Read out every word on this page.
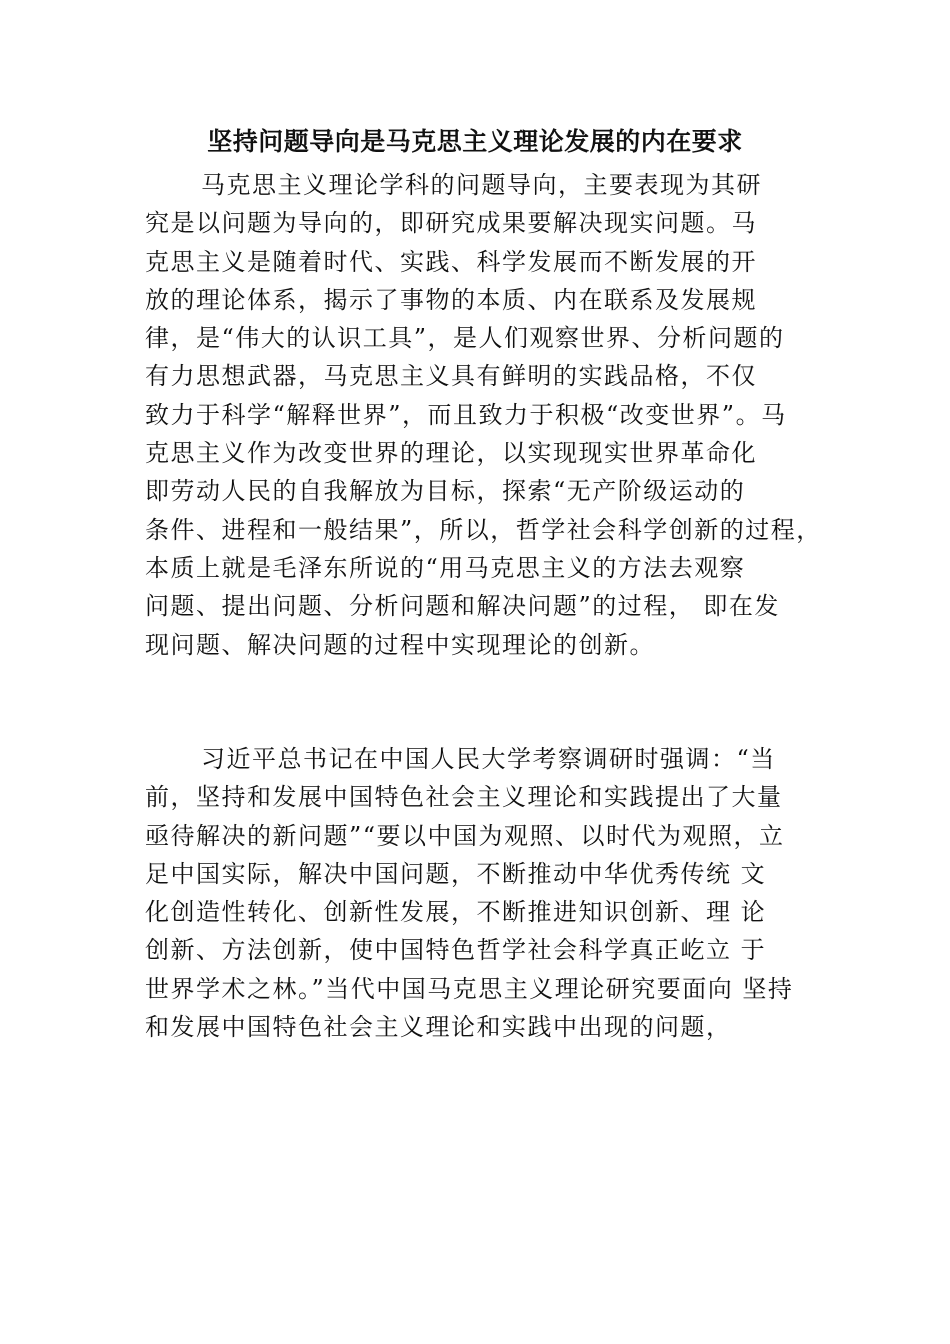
坚持问题导向是马克思主义理论发展的内在要求
马克思主义理论学科的问题导向，主要表现为其研
究是以问题为导向的，即研究成果要解决现实问题。马
克思主义是随着时代、实践、科学发展而不断发展的开
放的理论体系，揭示了事物的本质、内在联系及发展规
律，是“伟大的认识工具”，是人们观察世界、分析问题的
有力思想武器，马克思主义具有鲜明的实践品格，不仅
致力于科学“解释世界”，而且致力于积极“改变世界”。马
克思主义作为改变世界的理论，以实现现实世界革命化
即劳动人民的自我解放为目标，探索“无产阶级运动的
条件、进程和一般结果”，所以，哲学社会科学创新的过程，
本质上就是毛泽东所说的“用马克思主义的方法去观察
问题、提出问题、分析问题和解决问题”的过程， 即在发
现问题、解决问题的过程中实现理论的创新。
习近平总书记在中国人民大学考察调研时强调：“当
前，坚持和发展中国特色社会主义理论和实践提出了大量
亟待解决的新问题”“要以中国为观照、以时代为观照，立
足中国实际，解决中国问题，不断推动中华优秀传统 文
化创造性转化、创新性发展，不断推进知识创新、理 论
创新、方法创新，使中国特色哲学社会科学真正屹立 于
世界学术之林。”当代中国马克思主义理论研究要面向 坚持
和发展中国特色社会主义理论和实践中出现的问题，
